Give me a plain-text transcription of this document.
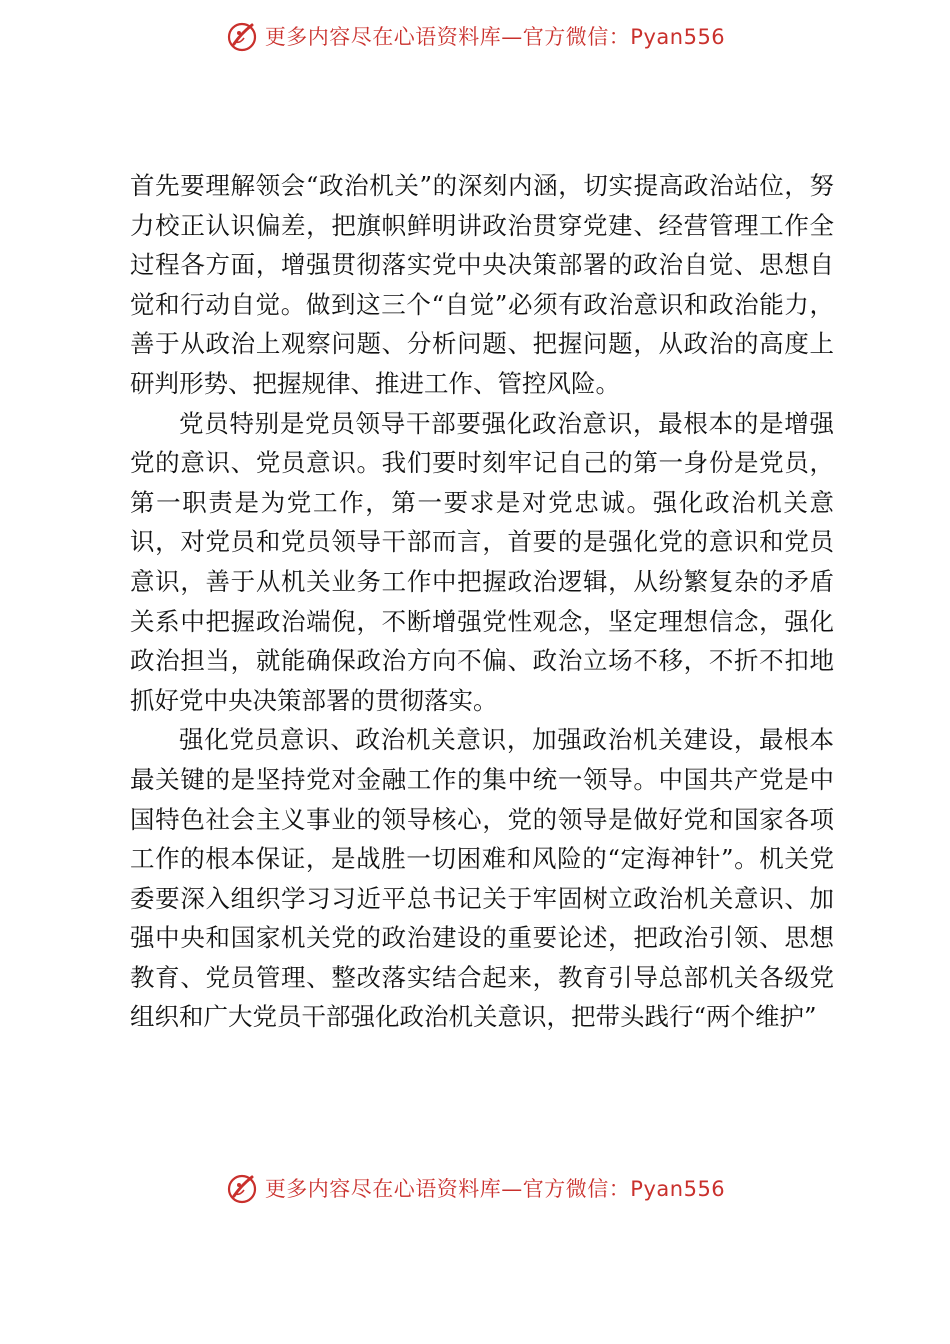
更多内容尽在心语资料库—官方微信：Pyan556

首先要理解领会“政治机关”的深刻内涵，切实提高政治站位，努力校正认识偏差，把旗帜鲜明讲政治贯穿党建、经营管理工作全过程各方面，增强贯彻落实党中央决策部署的政治自觉、思想自觉和行动自觉。做到这三个“自觉”必须有政治意识和政治能力，善于从政治上观察问题、分析问题、把握问题，从政治的高度上研判形势、把握规律、推进工作、管控风险。

党员特别是党员领导干部要强化政治意识，最根本的是增强党的意识、党员意识。我们要时刻牢记自己的第一身份是党员，第一职责是为党工作，第一要求是对党忠诚。强化政治机关意识，对党员和党员领导干部而言，首要的是强化党的意识和党员意识，善于从机关业务工作中把握政治逻辑，从纷繁复杂的矛盾关系中把握政治端倪，不断增强党性观念，坚定理想信念，强化政治担当，就能确保政治方向不偏、政治立场不移，不折不扣地抓好党中央决策部署的贯彻落实。

强化党员意识、政治机关意识，加强政治机关建设，最根本最关键的是坚持党对金融工作的集中统一领导。中国共产党是中国特色社会主义事业的领导核心，党的领导是做好党和国家各项工作的根本保证，是战胜一切困难和风险的“定海神针”。机关党委要深入组织学习习近平总书记关于牢固树立政治机关意识、加强中央和国家机关党的政治建设的重要论述，把政治引领、思想教育、党员管理、整改落实结合起来，教育引导总部机关各级党组织和广大党员干部强化政治机关意识，把带头践行“两个维护”

更多内容尽在心语资料库—官方微信：Pyan556
